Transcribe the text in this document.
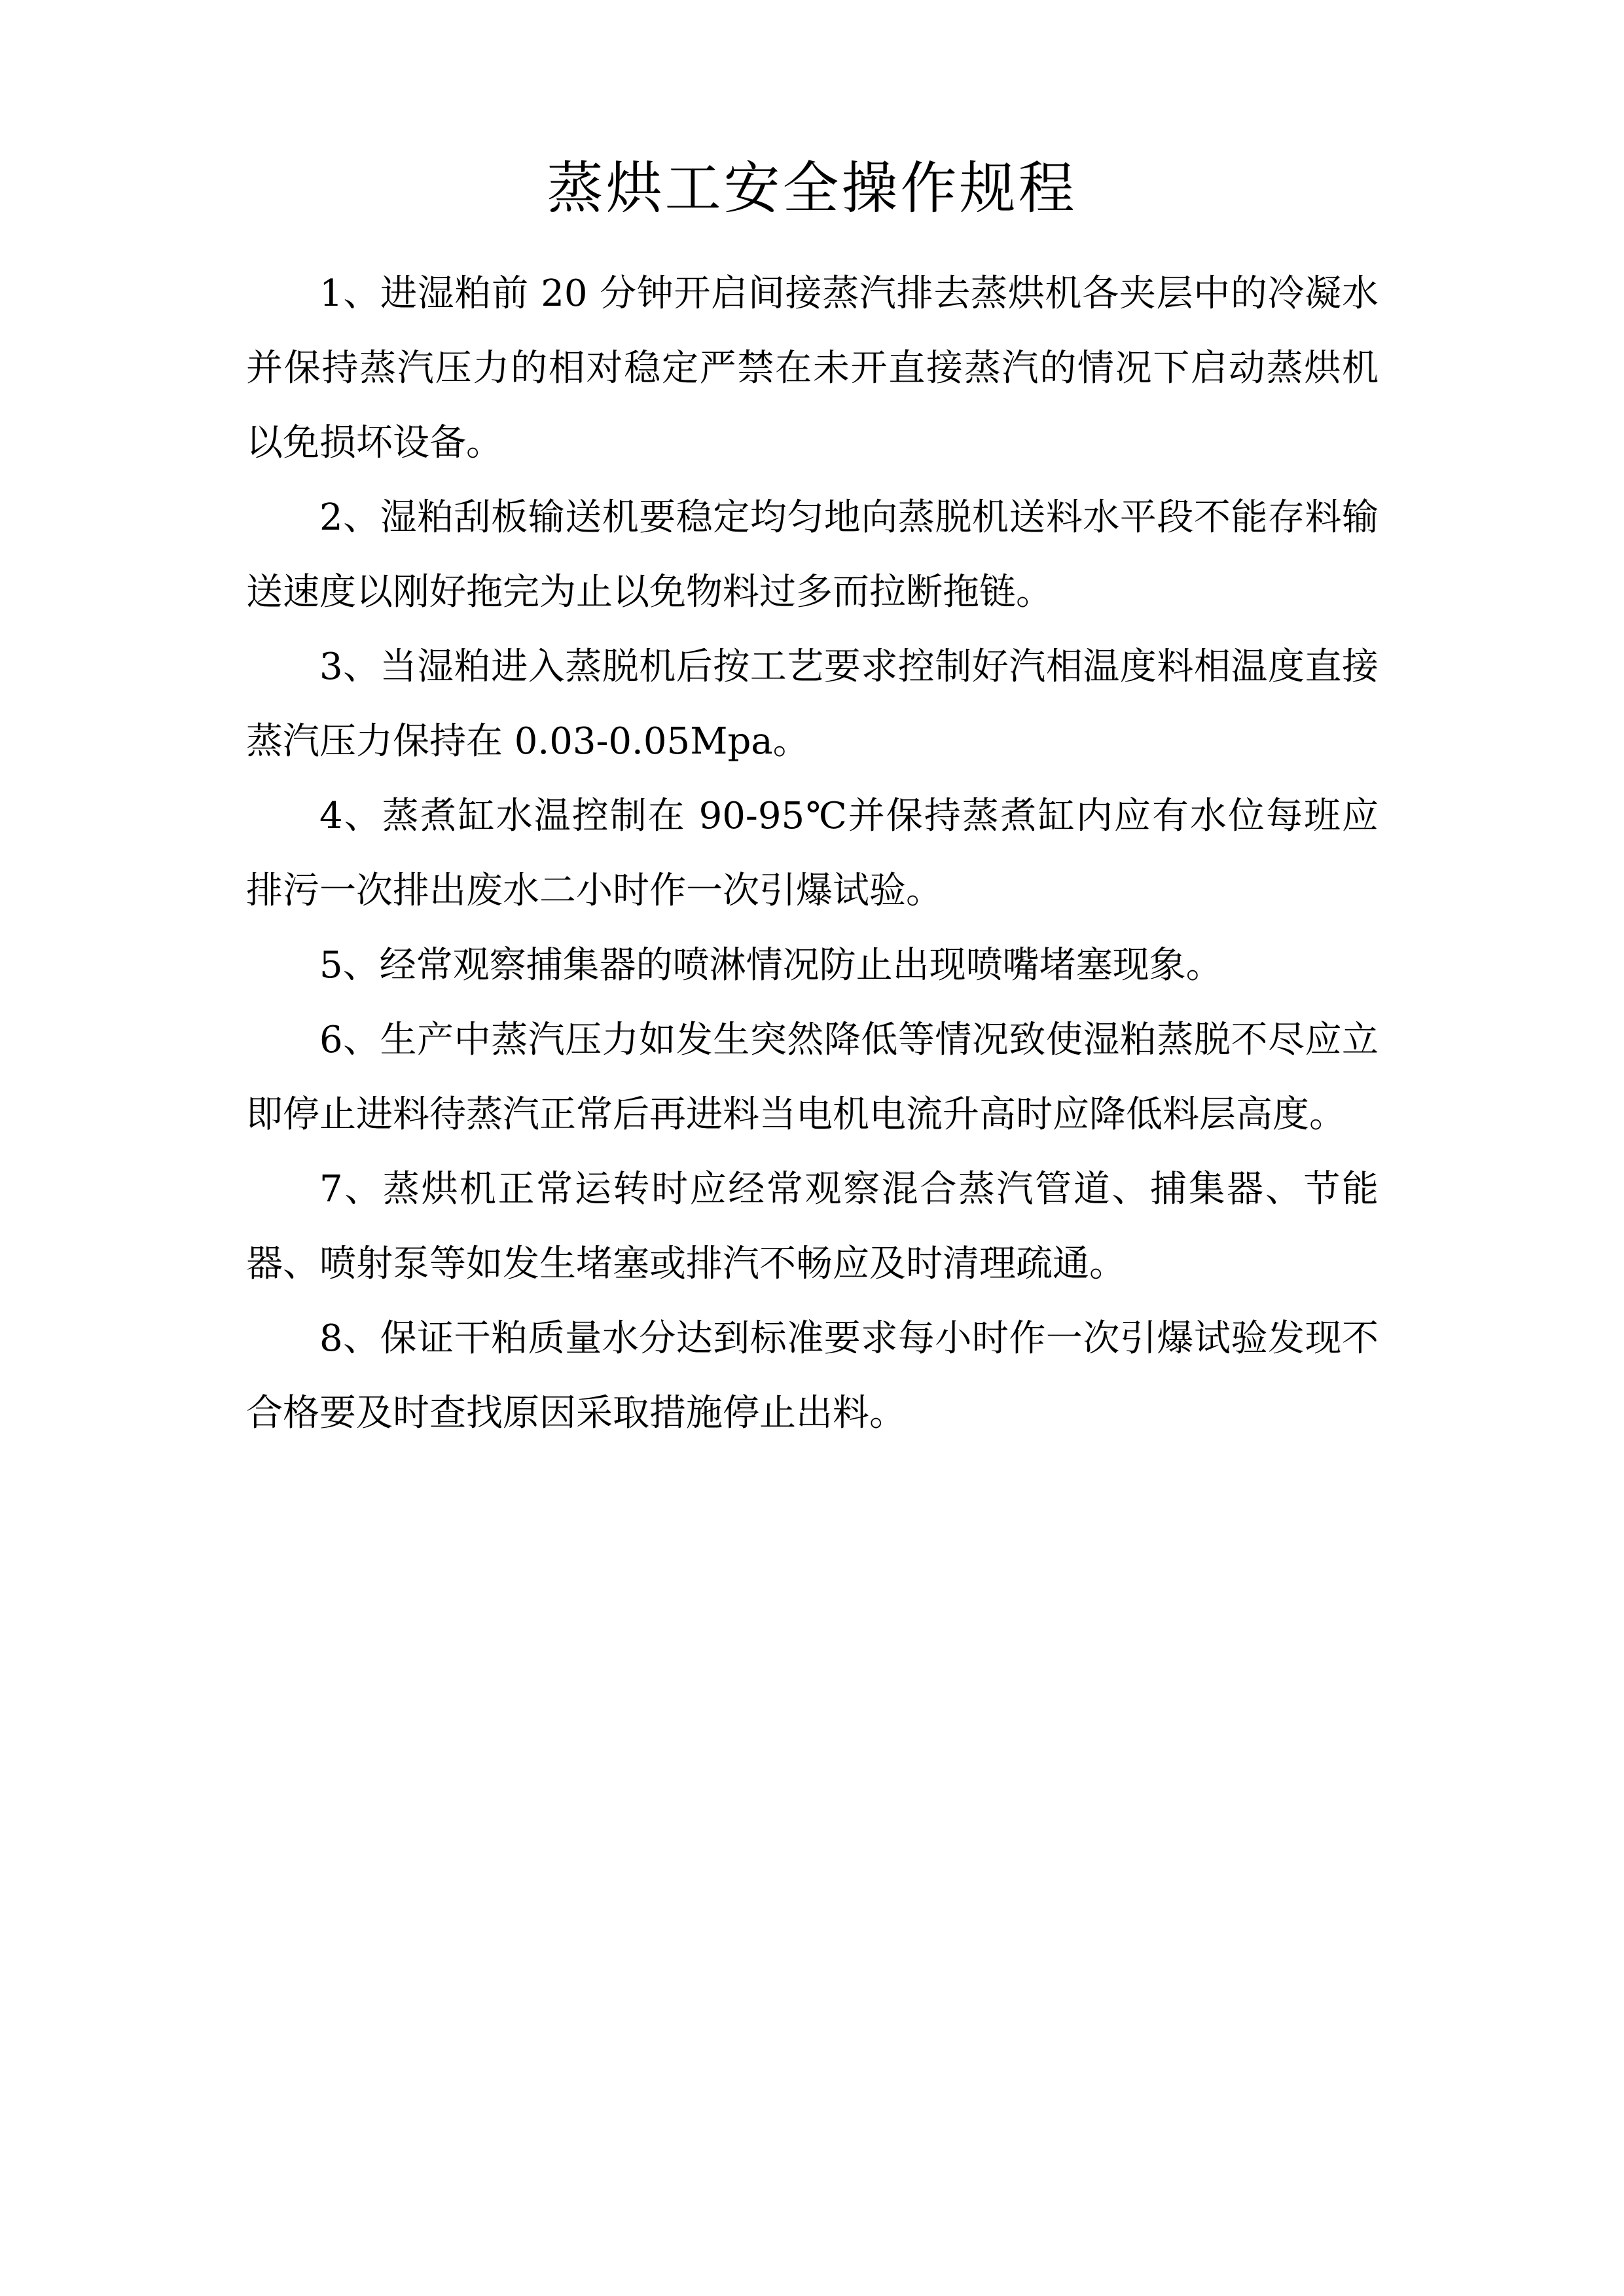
蒸烘工安全操作规程

1、进湿粕前 20 分钟开启间接蒸汽排去蒸烘机各夹层中的冷凝水并保持蒸汽压力的相对稳定严禁在未开直接蒸汽的情况下启动蒸烘机以免损坏设备。

2、湿粕刮板输送机要稳定均匀地向蒸脱机送料水平段不能存料输送速度以刚好拖完为止以免物料过多而拉断拖链。

3、当湿粕进入蒸脱机后按工艺要求控制好汽相温度料相温度直接蒸汽压力保持在 0.03-0.05Mpa。

4、蒸煮缸水温控制在 90-95℃并保持蒸煮缸内应有水位每班应排污一次排出废水二小时作一次引爆试验。

5、经常观察捕集器的喷淋情况防止出现喷嘴堵塞现象。

6、生产中蒸汽压力如发生突然降低等情况致使湿粕蒸脱不尽应立即停止进料待蒸汽正常后再进料当电机电流升高时应降低料层高度。

7、蒸烘机正常运转时应经常观察混合蒸汽管道、捕集器、节能器、喷射泵等如发生堵塞或排汽不畅应及时清理疏通。

8、保证干粕质量水分达到标准要求每小时作一次引爆试验发现不合格要及时查找原因采取措施停止出料。
